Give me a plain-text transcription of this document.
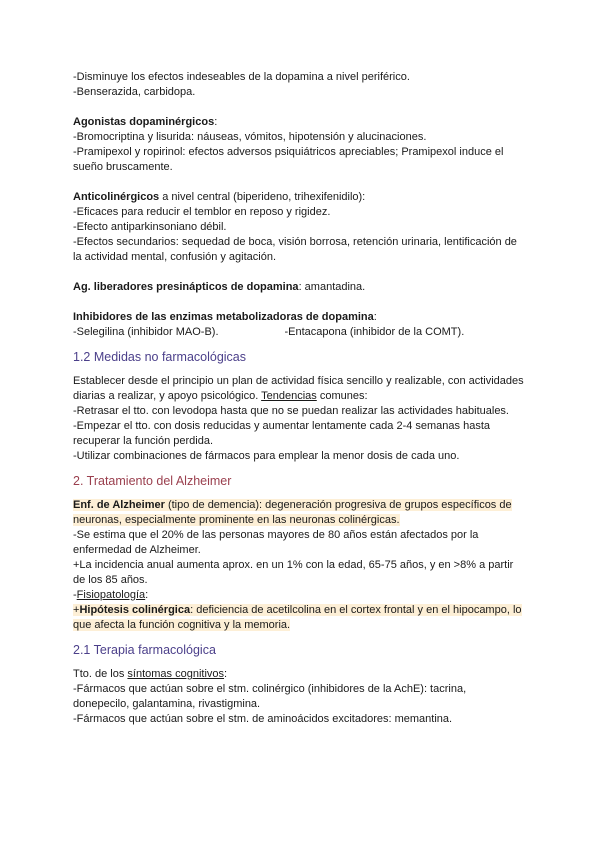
-Disminuye los efectos indeseables de la dopamina a nivel periférico.
-Benserazida, carbidopa.
Agonistas dopaminérgicos:
-Bromocriptina y lisurida: náuseas, vómitos, hipotensión y alucinaciones.
-Pramipexol y ropirinol: efectos adversos psiquiátricos apreciables; Pramipexol induce el
sueño bruscamente.
Anticolinérgicos a nivel central (biperideno, trihexifenidilo):
-Eficaces para reducir el temblor en reposo y rigidez.
-Efecto antiparkinsoniano débil.
-Efectos secundarios: sequedad de boca, visión borrosa, retención urinaria, lentificación de
la actividad mental, confusión y agitación.
Ag. liberadores presinápticos de dopamina: amantadina.
Inhibidores de las enzimas metabolizadoras de dopamina:
-Selegilina (inhibidor MAO-B).	-Entacapona (inhibidor de la COMT).
1.2 Medidas no farmacológicas
Establecer desde el principio un plan de actividad física sencillo y realizable, con actividades
diarias a realizar, y apoyo psicológico. Tendencias comunes:
-Retrasar el tto. con levodopa hasta que no se puedan realizar las actividades habituales.
-Empezar el tto. con dosis reducidas y aumentar lentamente cada 2-4 semanas hasta
recuperar la función perdida.
-Utilizar combinaciones de fármacos para emplear la menor dosis de cada uno.
2. Tratamiento del Alzheimer
Enf. de Alzheimer (tipo de demencia): degeneración progresiva de grupos específicos de
neuronas, especialmente prominente en las neuronas colinérgicas.
-Se estima que el 20% de las personas mayores de 80 años están afectados por la
enfermedad de Alzheimer.
+La incidencia anual aumenta aprox. en un 1% con la edad, 65-75 años, y en >8% a partir
de los 85 años.
-Fisiopatología:
+Hipótesis colinérgica: deficiencia de acetilcolina en el cortex frontal y en el hipocampo, lo
que afecta la función cognitiva y la memoria.
2.1 Terapia farmacológica
Tto. de los síntomas cognitivos:
-Fármacos que actúan sobre el stm. colinérgico (inhibidores de la AchE): tacrina,
donepecilo, galantamina, rivastigmina.
-Fármacos que actúan sobre el stm. de aminoácidos excitadores: memantina.
